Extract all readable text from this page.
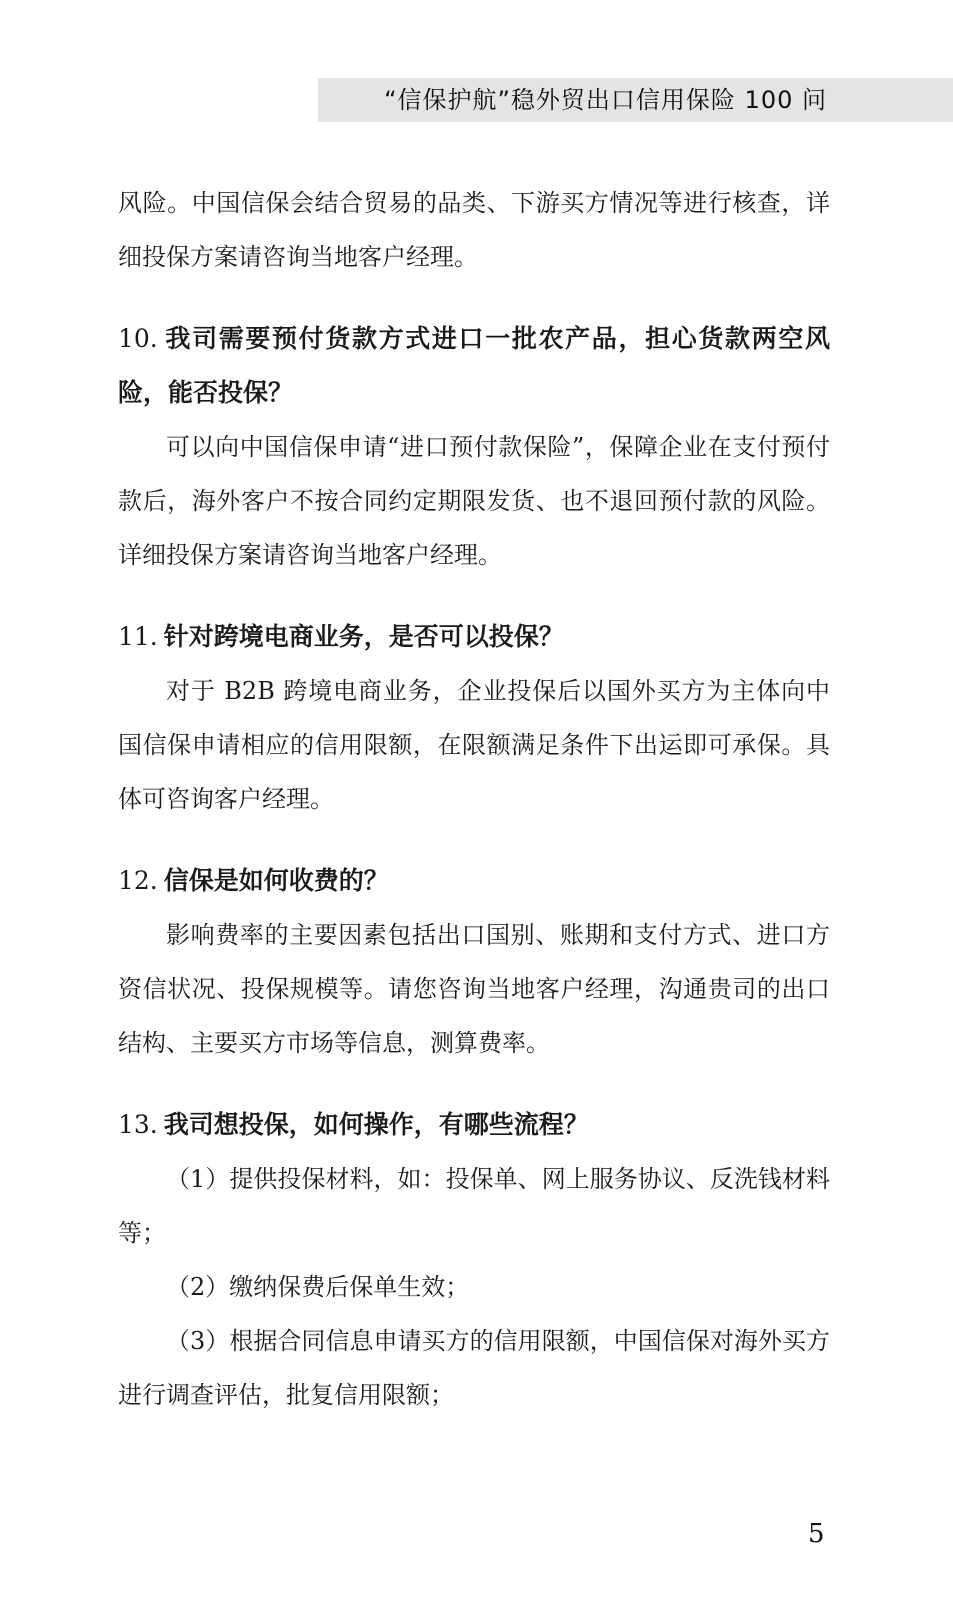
“信保护航”稳外贸出口信用保险 100 问

风险。中国信保会结合贸易的品类、下游买方情况等进行核查，详细投保方案请咨询当地客户经理。

10. 我司需要预付货款方式进口一批农产品，担心货款两空风险，能否投保？

可以向中国信保申请“进口预付款保险”，保障企业在支付预付款后，海外客户不按合同约定期限发货、也不退回预付款的风险。详细投保方案请咨询当地客户经理。

11. 针对跨境电商业务，是否可以投保？

对于 B2B 跨境电商业务，企业投保后以国外买方为主体向中国信保申请相应的信用限额，在限额满足条件下出运即可承保。具体可咨询客户经理。

12. 信保是如何收费的？

影响费率的主要因素包括出口国别、账期和支付方式、进口方资信状况、投保规模等。请您咨询当地客户经理，沟通贵司的出口结构、主要买方市场等信息，测算费率。

13. 我司想投保，如何操作，有哪些流程？

（1）提供投保材料，如：投保单、网上服务协议、反洗钱材料等；

（2）缴纳保费后保单生效；

（3）根据合同信息申请买方的信用限额，中国信保对海外买方进行调查评估，批复信用限额；

5
